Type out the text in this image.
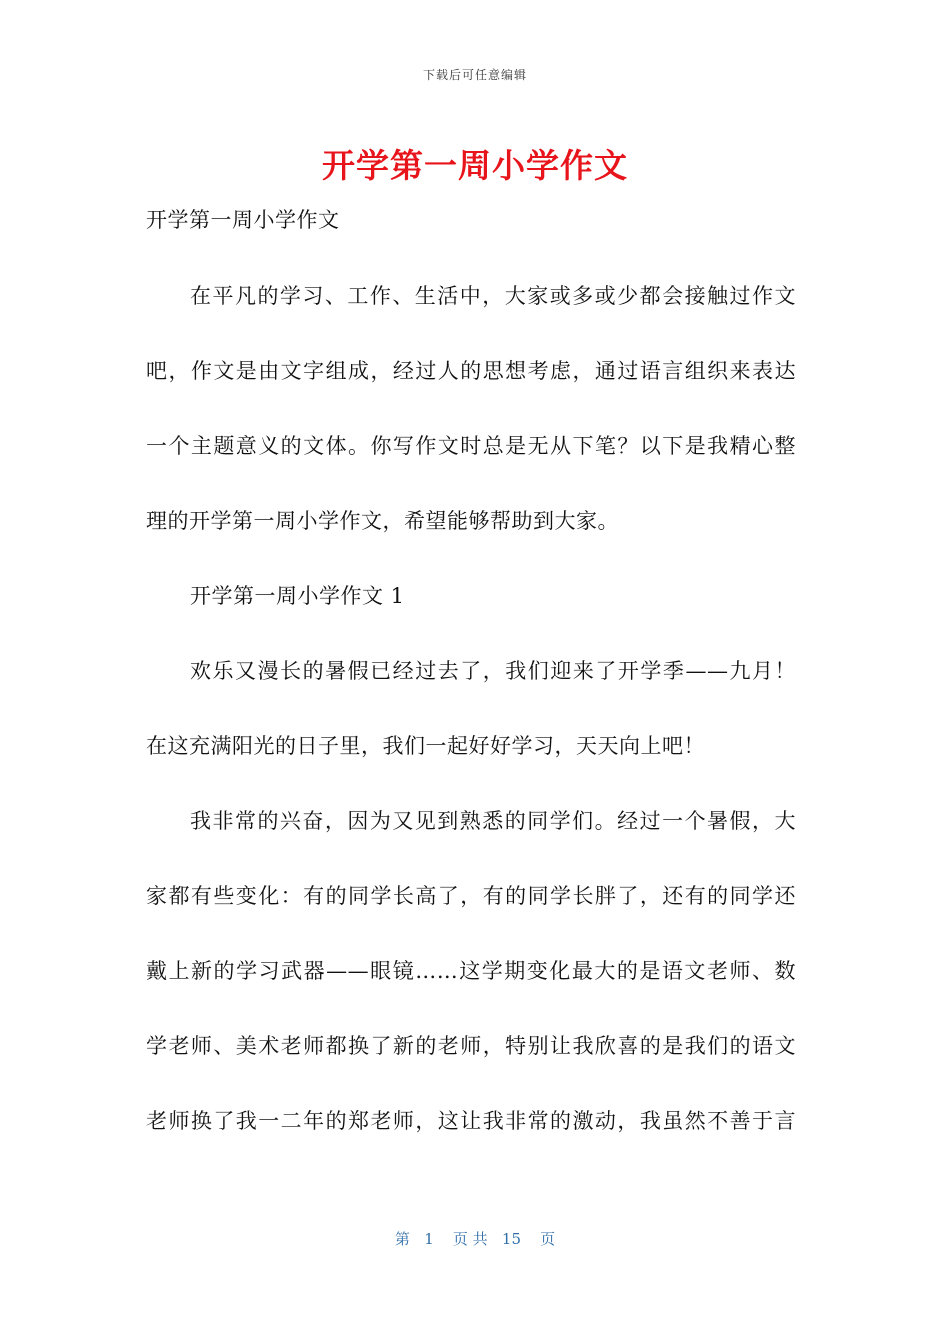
下载后可任意编辑
开学第一周小学作文
开学第一周小学作文
在平凡的学习、工作、生活中，大家或多或少都会接触过作文
吧，作文是由文字组成，经过人的思想考虑，通过语言组织来表达
一个主题意义的文体。你写作文时总是无从下笔？以下是我精心整
理的开学第一周小学作文，希望能够帮助到大家。
开学第一周小学作文 1
欢乐又漫长的暑假已经过去了，我们迎来了开学季——九月！
在这充满阳光的日子里，我们一起好好学习，天天向上吧！
我非常的兴奋，因为又见到熟悉的同学们。经过一个暑假，大
家都有些变化：有的同学长高了，有的同学长胖了，还有的同学还
戴上新的学习武器——眼镜……这学期变化最大的是语文老师、数
学老师、美术老师都换了新的老师，特别让我欣喜的是我们的语文
老师换了我一二年的郑老师，这让我非常的激动，我虽然不善于言
第   1    页 共   15    页
